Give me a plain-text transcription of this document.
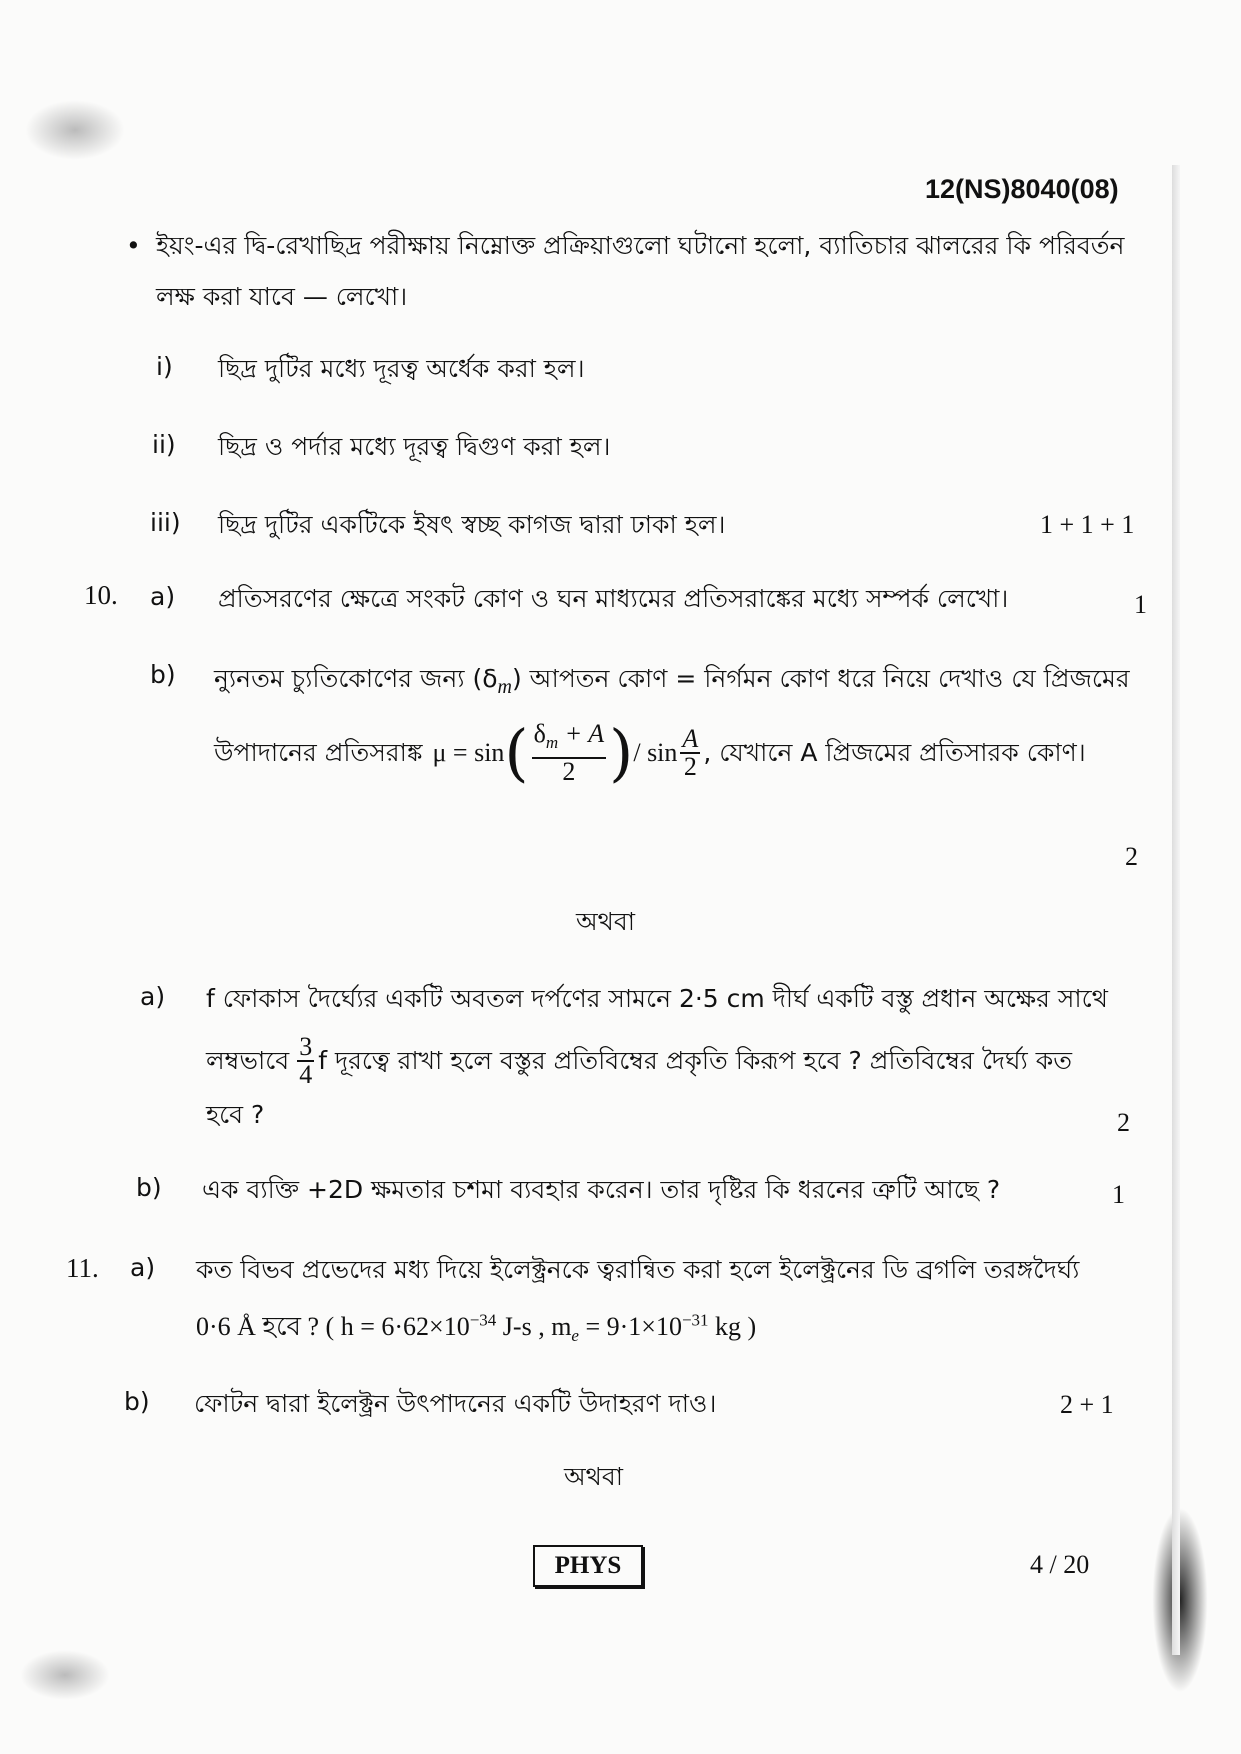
12(NS)8040(08)
• ইয়ং-এর দ্বি-রেখাছিদ্র পরীক্ষায় নিম্নোক্ত প্রক্রিয়াগুলো ঘটানো হলো, ব্যাতিচার ঝালরের কি পরিবর্তন
লক্ষ করা যাবে — লেখো।
i) ছিদ্র দুটির মধ্যে দূরত্ব অর্ধেক করা হল।
ii) ছিদ্র ও পর্দার মধ্যে দূরত্ব দ্বিগুণ করা হল।
iii) ছিদ্র দুটির একটিকে ইষৎ স্বচ্ছ কাগজ দ্বারা ঢাকা হল।	1 + 1 + 1
10. a) প্রতিসরণের ক্ষেত্রে সংকট কোণ ও ঘন মাধ্যমের প্রতিসরাঙ্কের মধ্যে সম্পর্ক লেখো।	1
b) ন্যুনতম চ্যুতিকোণের জন্য $(\delta_m)$ আপতন কোণ = নির্গমন কোণ ধরে নিয়ে দেখাও যে প্রিজমের
উপাদানের প্রতিসরাঙ্ক μ = sin ( $\frac{\delta_m + A}{2}$ ) / $\sin \frac{A}{2}$ , যেখানে A প্রিজমের প্রতিসারক কোণ।
2
অথবা
a) f ফোকাস দৈর্ঘ্যের একটি অবতল দর্পণের সামনে 2·5 cm দীর্ঘ একটি বস্তু প্রধান অক্ষের সাথে
লম্বভাবে $\frac{3}{4}$ f দূরত্বে রাখা হলে বস্তুর প্রতিবিম্বের প্রকৃতি কিরূপ হবে ? প্রতিবিম্বের দৈর্ঘ্য কত
হবে ?	2
b) এক ব্যক্তি +2D ক্ষমতার চশমা ব্যবহার করেন। তার দৃষ্টির কি ধরনের ত্রুটি আছে ?	1
11. a) কত বিভব প্রভেদের মধ্য দিয়ে ইলেক্ট্রনকে ত্বরান্বিত করা হলে ইলেক্ট্রনের ডি ব্রগলি তরঙ্গদৈর্ঘ্য
0·6 Å হবে ? ( $h = 6\cdot 62\times 10^{-34}$ J-s , $m_e = 9\cdot 1\times 10^{-31}$ kg )
b) ফোটন দ্বারা ইলেক্ট্রন উৎপাদনের একটি উদাহরণ দাও।	2 + 1
অথবা
PHYS	4 / 20
